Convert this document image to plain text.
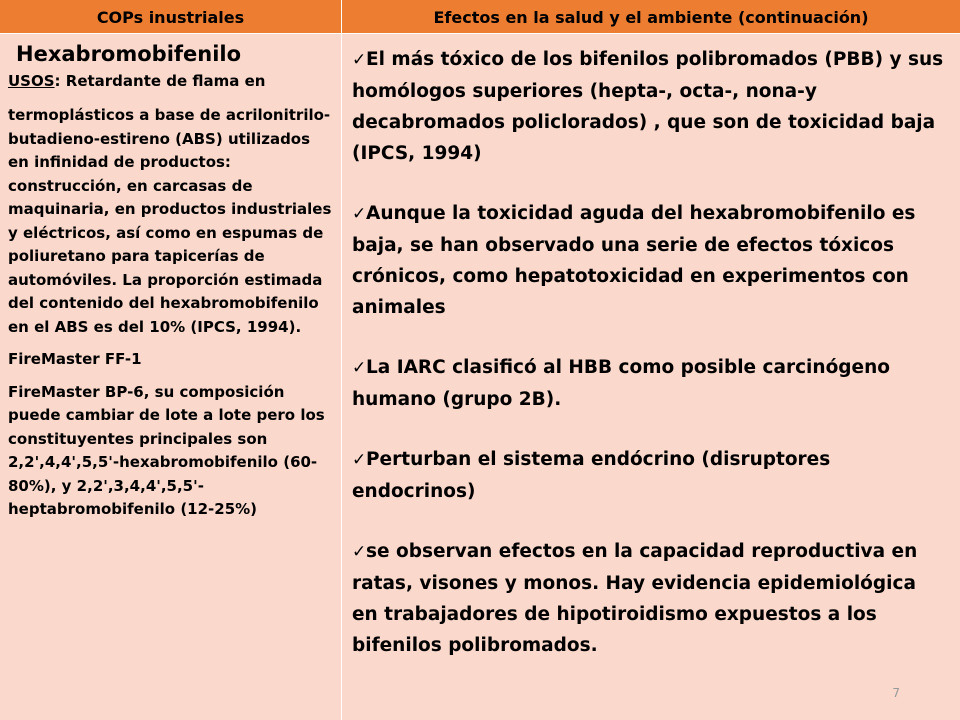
COPs inustriales	Efectos en la salud y el ambiente (continuación)
Hexabromobifenilo
USOS: Retardante de flama en
termoplásticos a base de acrilonitrilo-butadieno-estireno (ABS) utilizados en infinidad de productos: construcción, en carcasas de maquinaria, en productos industriales y eléctricos, así como en espumas de poliuretano para tapicerías de automóviles. La proporción estimada del contenido del hexabromobifenilo en el ABS es del 10% (IPCS, 1994).
FireMaster FF-1
FireMaster BP-6, su composición puede cambiar de lote a lote pero los constituyentes principales son 2,2',4,4',5,5'-hexabromobifenilo (60-80%), y 2,2',3,4,4',5,5'-heptabromobifenilo (12-25%)
✓El más tóxico de los bifenilos polibromados (PBB) y sus homólogos superiores (hepta-, octa-, nona-y decabromados policlorados) , que son de toxicidad baja (IPCS, 1994)
✓Aunque la toxicidad aguda del hexabromobifenilo es baja, se han observado una serie de efectos tóxicos crónicos, como hepatotoxicidad en experimentos con animales
✓La IARC clasificó al HBB como posible carcinógeno humano (grupo 2B).
✓Perturban el sistema endócrino (disruptores endocrinos)
✓se observan efectos en la capacidad reproductiva en ratas, visones y monos. Hay evidencia epidemiológica en trabajadores de hipotiroidismo expuestos a los bifenilos polibromados.
7
